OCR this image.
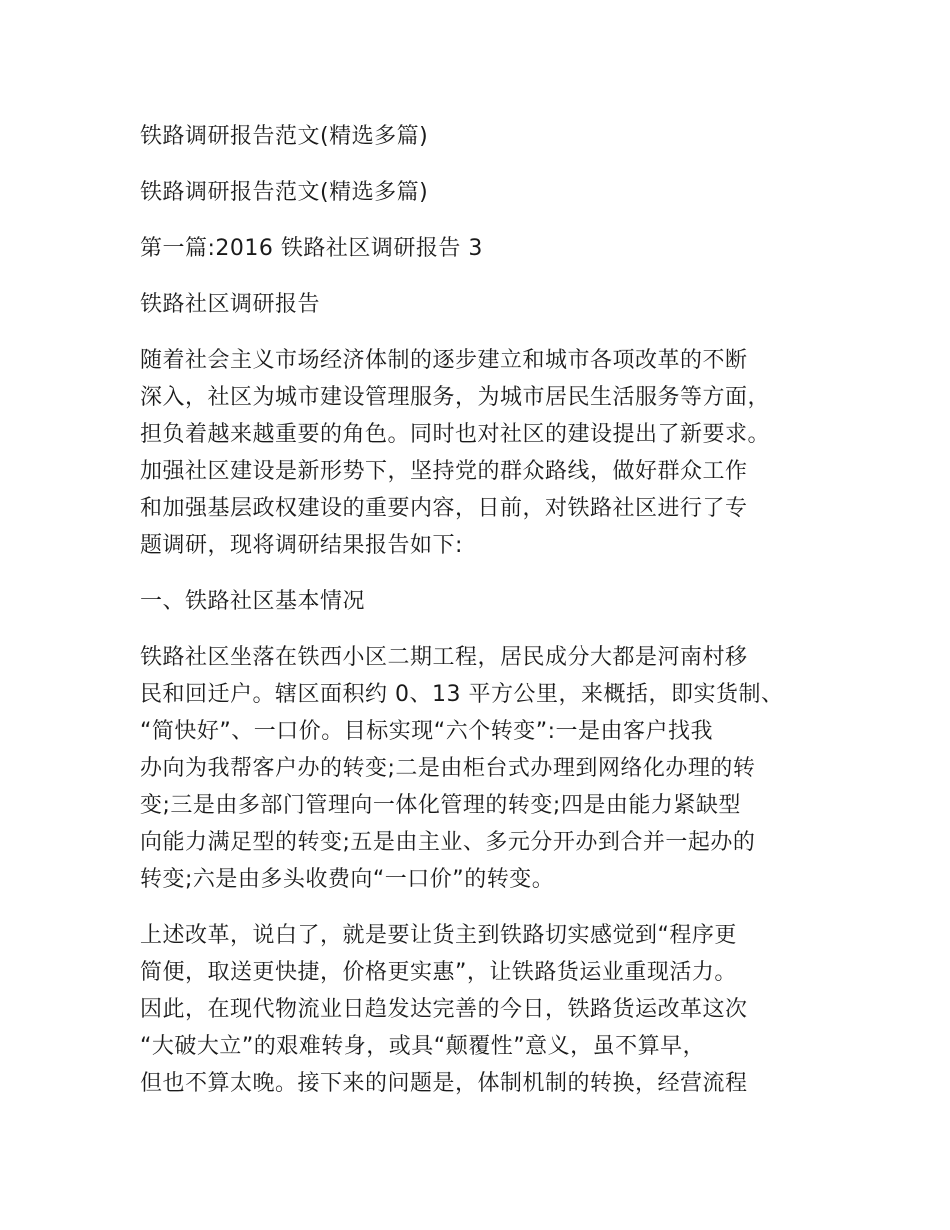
铁路调研报告范文(精选多篇)
铁路调研报告范文(精选多篇)
第一篇:2016 铁路社区调研报告 3
铁路社区调研报告
随着社会主义市场经济体制的逐步建立和城市各项改革的不断
深入，社区为城市建设管理服务，为城市居民生活服务等方面，
担负着越来越重要的角色。同时也对社区的建设提出了新要求。
加强社区建设是新形势下，坚持党的群众路线，做好群众工作
和加强基层政权建设的重要内容，日前，对铁路社区进行了专
题调研，现将调研结果报告如下:
一、铁路社区基本情况
铁路社区坐落在铁西小区二期工程，居民成分大都是河南村移
民和回迁户。辖区面积约 0、13 平方公里，来概括，即实货制、
“简快好”、一口价。目标实现“六个转变”:一是由客户找我
办向为我帮客户办的转变;二是由柜台式办理到网络化办理的转
变;三是由多部门管理向一体化管理的转变;四是由能力紧缺型
向能力满足型的转变;五是由主业、多元分开办到合并一起办的
转变;六是由多头收费向“一口价”的转变。
上述改革，说白了，就是要让货主到铁路切实感觉到“程序更
简便，取送更快捷，价格更实惠”，让铁路货运业重现活力。
因此，在现代物流业日趋发达完善的今日，铁路货运改革这次
“大破大立”的艰难转身，或具“颠覆性”意义，虽不算早，
但也不算太晚。接下来的问题是，体制机制的转换，经营流程
